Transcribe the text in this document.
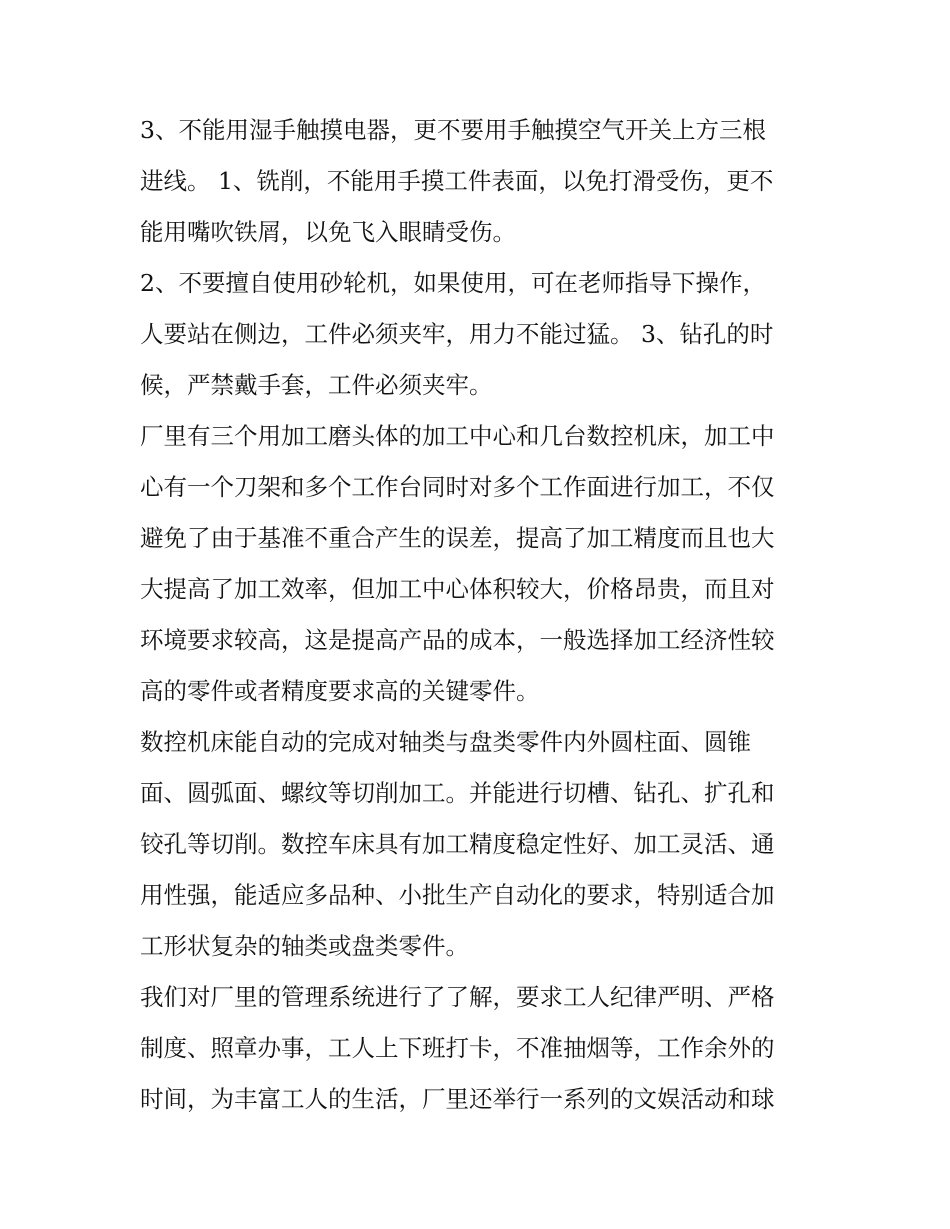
3、不能用湿手触摸电器，更不要用手触摸空气开关上方三根
进线。 1、铣削，不能用手摸工件表面，以免打滑受伤，更不
能用嘴吹铁屑，以免飞入眼睛受伤。
2、不要擅自使用砂轮机，如果使用，可在老师指导下操作，
人要站在侧边，工件必须夹牢，用力不能过猛。 3、钻孔的时
候，严禁戴手套，工件必须夹牢。
厂里有三个用加工磨头体的加工中心和几台数控机床，加工中
心有一个刀架和多个工作台同时对多个工作面进行加工，不仅
避免了由于基准不重合产生的误差，提高了加工精度而且也大
大提高了加工效率，但加工中心体积较大，价格昂贵，而且对
环境要求较高，这是提高产品的成本，一般选择加工经济性较
高的零件或者精度要求高的关键零件。
数控机床能自动的完成对轴类与盘类零件内外圆柱面、圆锥
面、圆弧面、螺纹等切削加工。并能进行切槽、钻孔、扩孔和
铰孔等切削。数控车床具有加工精度稳定性好、加工灵活、通
用性强，能适应多品种、小批生产自动化的要求，特别适合加
工形状复杂的轴类或盘类零件。
我们对厂里的管理系统进行了了解，要求工人纪律严明、严格
制度、照章办事，工人上下班打卡，不准抽烟等，工作余外的
时间，为丰富工人的生活，厂里还举行一系列的文娱活动和球
